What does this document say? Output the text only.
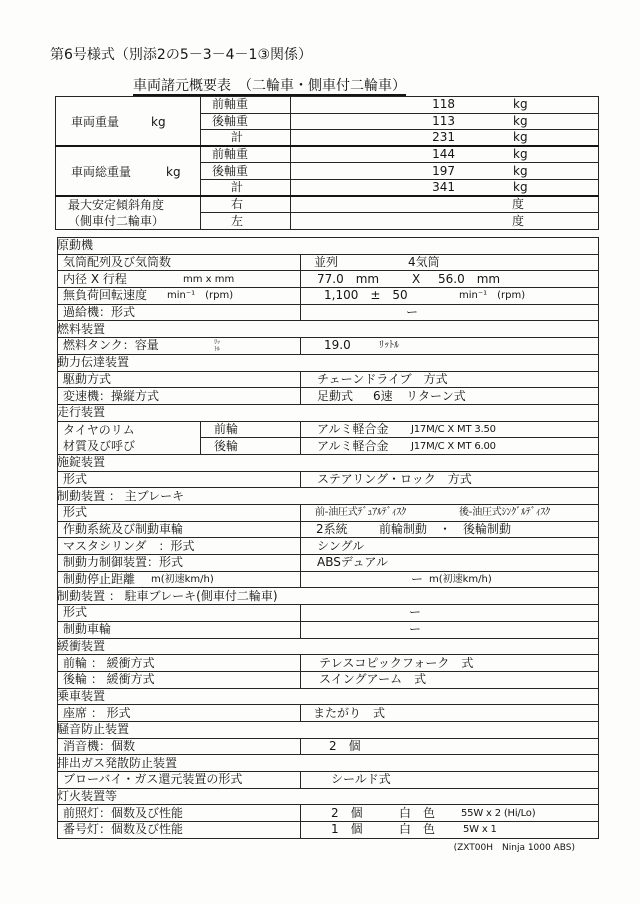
第6号様式（別添2の5－3－4－1③関係）
車両諸元概要表　（二輪車・側車付二輪車）
車両重量 kg	前軸重	118 kg

	後軸重	113 kg

	計	231 kg

車両総重量 kg	前軸重	144 kg

	後軸重	197 kg

	計	341 kg

最大安定傾斜角度
（側車付二輪車）	右	度

	左	度
原動機		

気筒配列及び気筒数		並列 4気筒

内径 X 行程 mm x mm		77.0　mm X 56.0　mm

無負荷回転速度 min⁻¹　(rpm)		1,100　±　50 min⁻¹　(rpm)

過給機：形式		ー

燃料装置		

燃料タンク：容量 ﾘｯﾄﾙ		19.0 ﾘｯﾄﾙ

動力伝達装置		

駆動方式		チェーンドライブ　方式

変速機：操縦方式		足動式 6速 リターン式

走行装置		

タイヤのリム
材質及び呼び	前輪	アルミ軽合金 J17M/C X MT 3.50

	後輪	アルミ軽合金 J17M/C X MT 6.00

施錠装置		

形式		ステアリング・ロック　方式

制動装置 ： 主ブレーキ		

形式		前-油圧式ﾃﾞｭｱﾙﾃﾞｨｽｸ 後-油圧式ｼﾝｸﾞﾙﾃﾞｨｽｸ

作動系統及び制動車輪		2系統 前輪制動　・　後輪制動

マスタシリンダ　：形式		シングル

制動力制御装置：形式		ABSデュアル

制動停止距離 m(初速km/h)		ー m(初速km/h)

制動装置 ： 駐車ブレーキ(側車付二輪車)		

形式		ー

制動車輪		ー

緩衝装置		

前輪 ： 緩衝方式		テレスコピックフォーク　式

後輪 ： 緩衝方式		スイングアーム　式

乗車装置		

座席 ： 形式		またがり　式

騒音防止装置		

消音機：個数		2　個

排出ガス発散防止装置		

ブローバイ・ガス還元装置の形式		シールド式

灯火装置等		

前照灯：個数及び性能		2　個 白　色 55W x 2 (Hi/Lo)

番号灯：個数及び性能		1　個 白　色 5W x 1
(ZXT00H　Ninja 1000 ABS)
